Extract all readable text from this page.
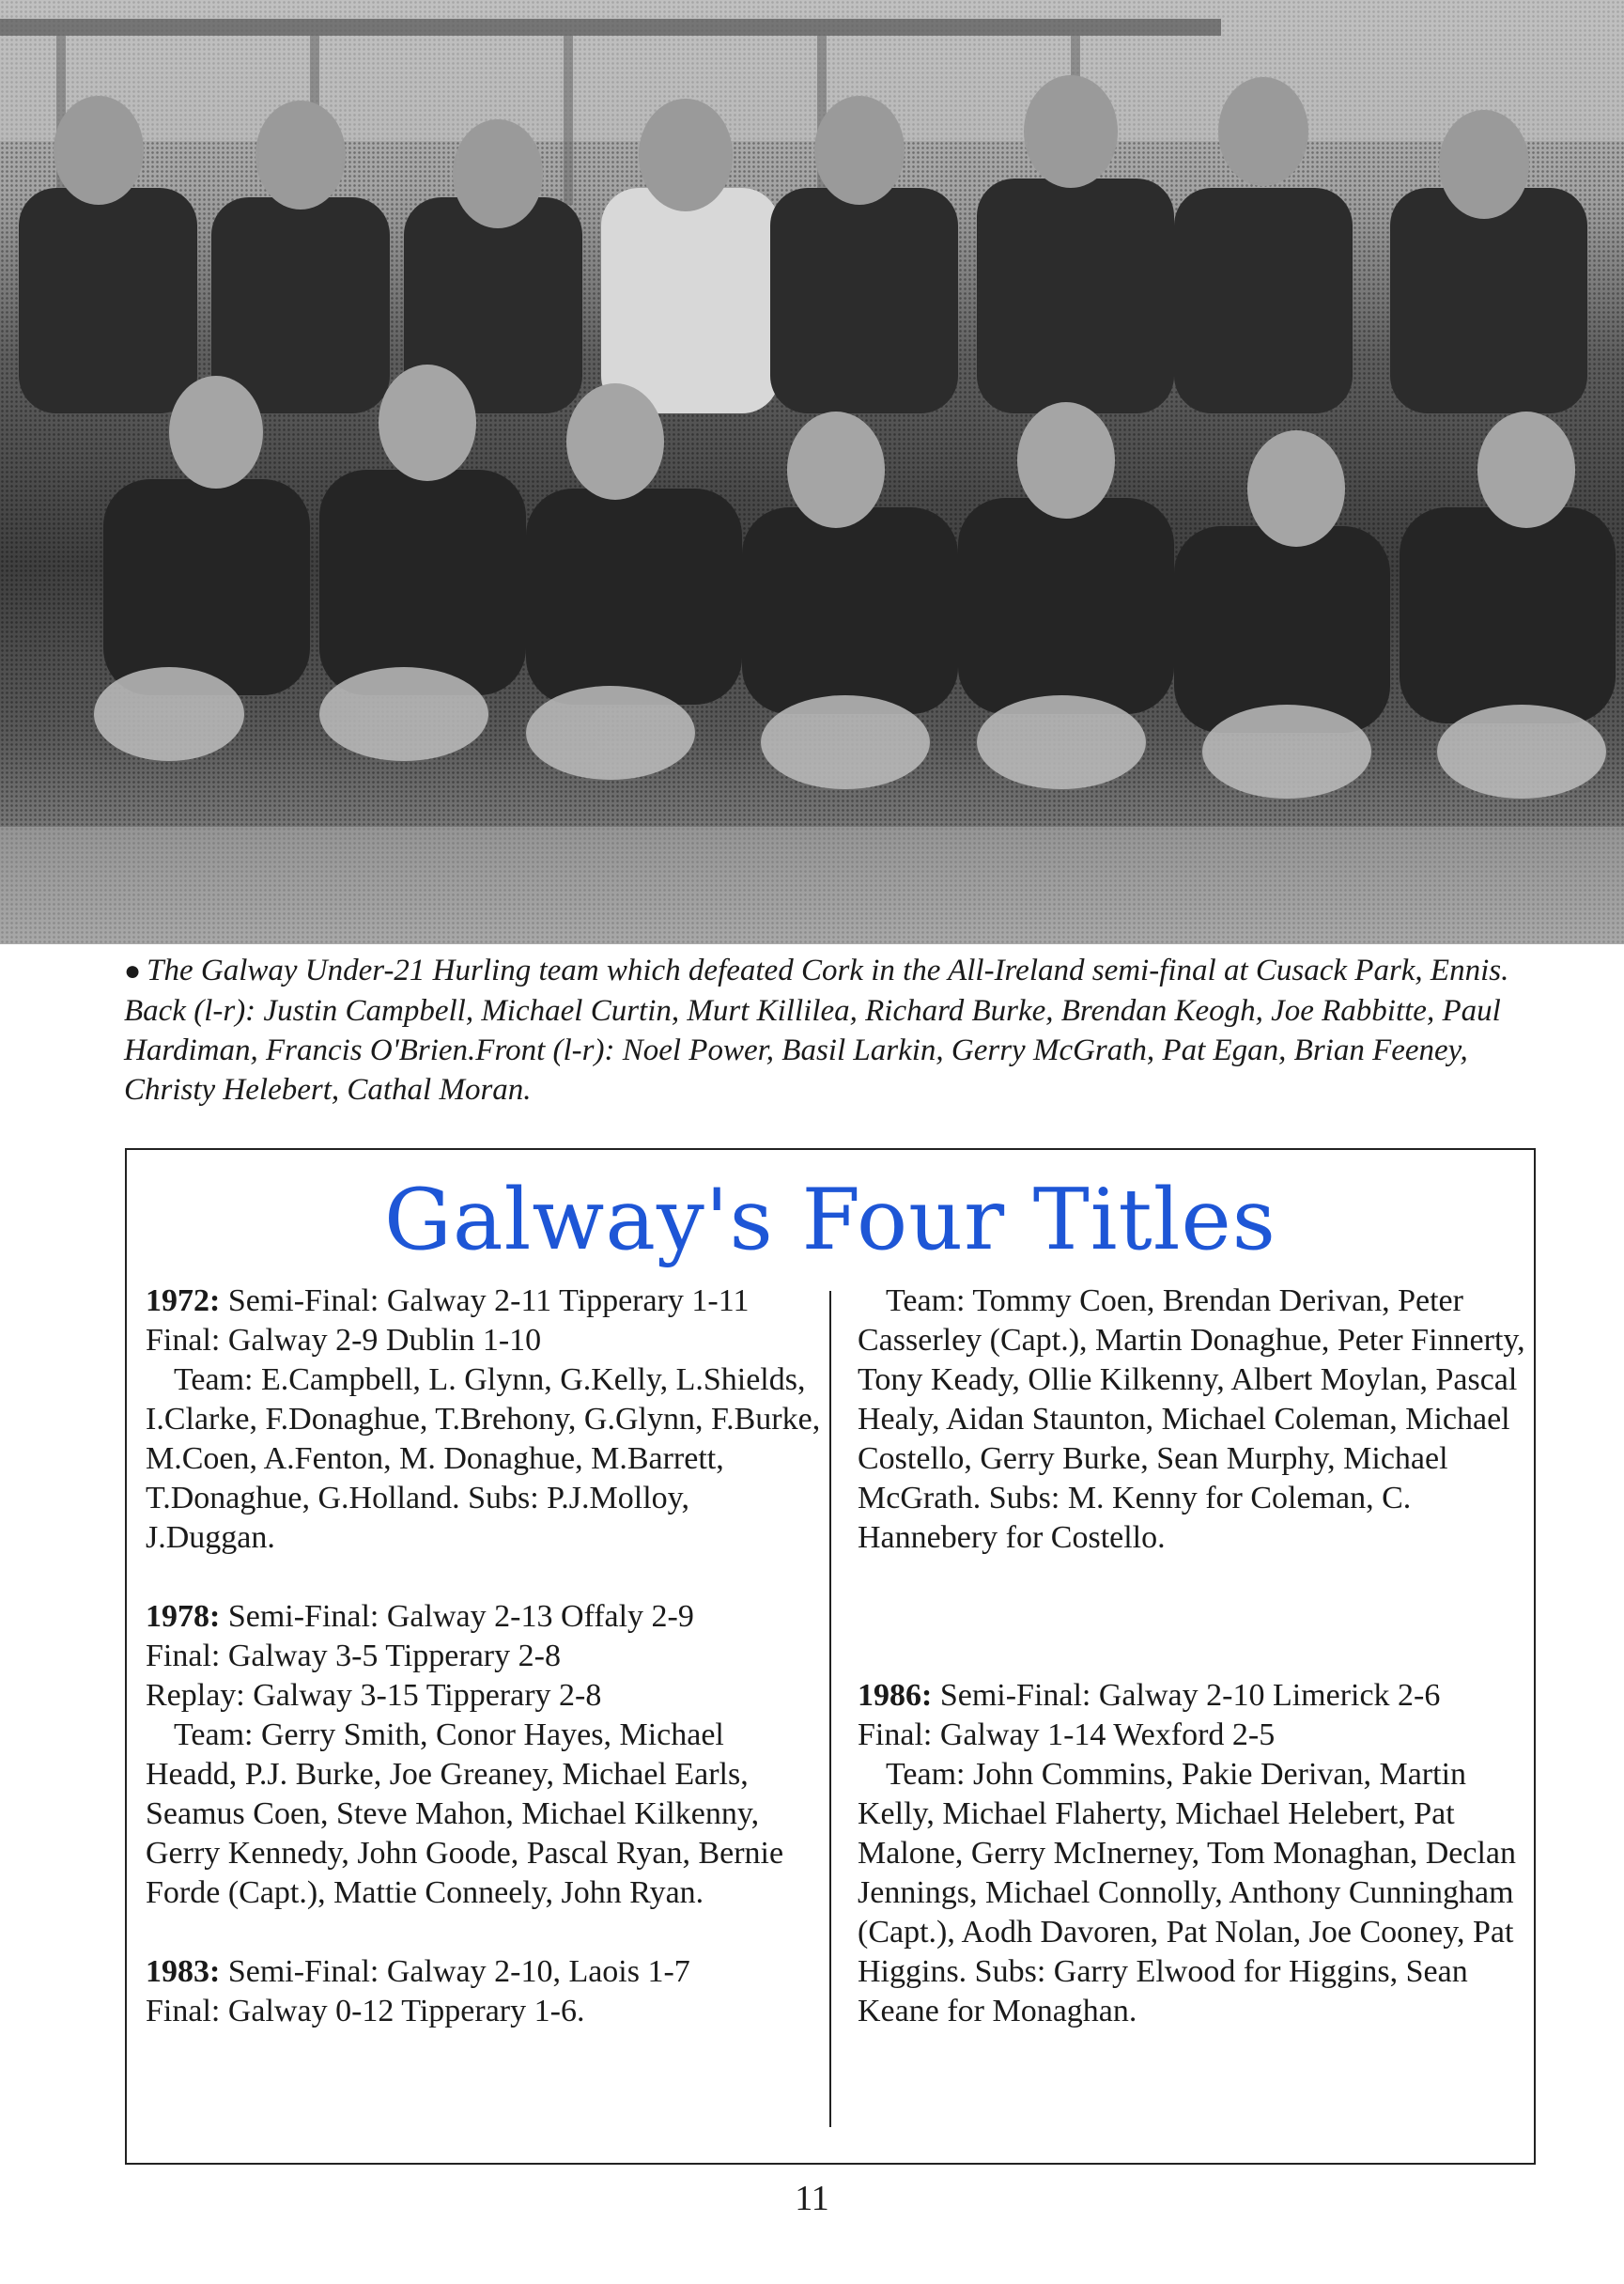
● The Galway Under-21 Hurling team which defeated Cork in the All-Ireland semi-final at Cusack Park, Ennis. Back (l-r): Justin Campbell, Michael Curtin, Murt Killilea, Richard Burke, Brendan Keogh, Joe Rabbitte, Paul Hardiman, Francis O'Brien.Front (l-r): Noel Power, Basil Larkin, Gerry McGrath, Pat Egan, Brian Feeney, Christy Helebert, Cathal Moran.
Galway's Four Titles

1972: Semi-Final: Galway 2-11 Tipperary 1-11

Final: Galway 2-9 Dublin 1-10

Team: E.Campbell, L. Glynn, G.Kelly, L.Shields, I.Clarke, F.Donaghue, T.Brehony, G.Glynn, F.Burke, M.Coen, A.Fenton, M. Donaghue, M.Barrett, T.Donaghue, G.Holland. Subs: P.J.Molloy, J.Duggan.

1978: Semi-Final: Galway 2-13 Offaly 2-9

Final: Galway 3-5 Tipperary 2-8

Replay: Galway 3-15 Tipperary 2-8

Team: Gerry Smith, Conor Hayes, Michael Headd, P.J. Burke, Joe Greaney, Michael Earls, Seamus Coen, Steve Mahon, Michael Kilkenny, Gerry Kennedy, John Goode, Pascal Ryan, Bernie Forde (Capt.), Mattie Conneely, John Ryan.

1983: Semi-Final: Galway 2-10, Laois 1-7

Final: Galway 0-12 Tipperary 1-6.

Team: Tommy Coen, Brendan Derivan, Peter Casserley (Capt.), Martin Donaghue, Peter Finnerty, Tony Keady, Ollie Kilkenny, Albert Moylan, Pascal Healy, Aidan Staunton, Michael Coleman, Michael Costello, Gerry Burke, Sean Murphy, Michael McGrath. Subs: M. Kenny for Coleman, C. Hannebery for Costello.

1986: Semi-Final: Galway 2-10 Limerick 2-6

Final: Galway 1-14 Wexford 2-5

Team: John Commins, Pakie Derivan, Martin Kelly, Michael Flaherty, Michael Helebert, Pat Malone, Gerry McInerney, Tom Monaghan, Declan Jennings, Michael Connolly, Anthony Cunningham (Capt.), Aodh Davoren, Pat Nolan, Joe Cooney, Pat Higgins. Subs: Garry Elwood for Higgins, Sean Keane for Monaghan.

11
